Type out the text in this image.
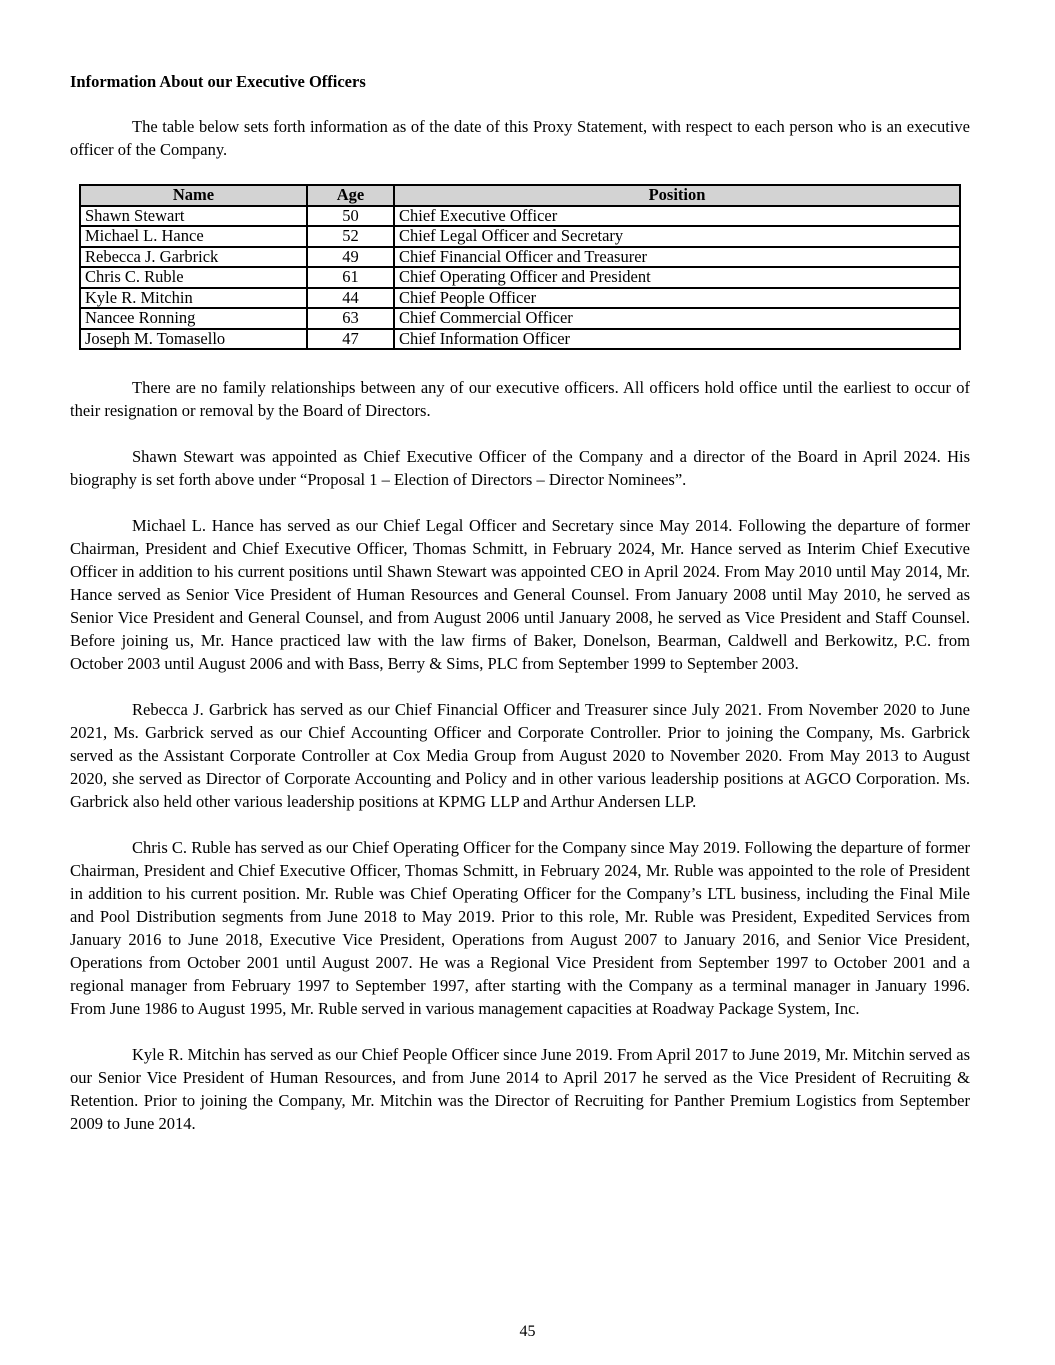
Information About our Executive Officers

The table below sets forth information as of the date of this Proxy Statement, with respect to each person who is an executive officer of the Company.

Name	Age	Position
Shawn Stewart	50	Chief Executive Officer
Michael L. Hance	52	Chief Legal Officer and Secretary
Rebecca J. Garbrick	49	Chief Financial Officer and Treasurer
Chris C. Ruble	61	Chief Operating Officer and President
Kyle R. Mitchin	44	Chief People Officer
Nancee Ronning	63	Chief Commercial Officer
Joseph M. Tomasello	47	Chief Information Officer

There are no family relationships between any of our executive officers. All officers hold office until the earliest to occur of their resignation or removal by the Board of Directors.

Shawn Stewart was appointed as Chief Executive Officer of the Company and a director of the Board in April 2024. His biography is set forth above under “Proposal 1 – Election of Directors – Director Nominees”.

Michael L. Hance has served as our Chief Legal Officer and Secretary since May 2014. Following the departure of former Chairman, President and Chief Executive Officer, Thomas Schmitt, in February 2024, Mr. Hance served as Interim Chief Executive Officer in addition to his current positions until Shawn Stewart was appointed CEO in April 2024. From May 2010 until May 2014, Mr. Hance served as Senior Vice President of Human Resources and General Counsel. From January 2008 until May 2010, he served as Senior Vice President and General Counsel, and from August 2006 until January 2008, he served as Vice President and Staff Counsel. Before joining us, Mr. Hance practiced law with the law firms of Baker, Donelson, Bearman, Caldwell and Berkowitz, P.C. from October 2003 until August 2006 and with Bass, Berry & Sims, PLC from September 1999 to September 2003.

Rebecca J. Garbrick has served as our Chief Financial Officer and Treasurer since July 2021. From November 2020 to June 2021, Ms. Garbrick served as our Chief Accounting Officer and Corporate Controller. Prior to joining the Company, Ms. Garbrick served as the Assistant Corporate Controller at Cox Media Group from August 2020 to November 2020. From May 2013 to August 2020, she served as Director of Corporate Accounting and Policy and in other various leadership positions at AGCO Corporation. Ms. Garbrick also held other various leadership positions at KPMG LLP and Arthur Andersen LLP.

Chris C. Ruble has served as our Chief Operating Officer for the Company since May 2019. Following the departure of former Chairman, President and Chief Executive Officer, Thomas Schmitt, in February 2024, Mr. Ruble was appointed to the role of President in addition to his current position. Mr. Ruble was Chief Operating Officer for the Company’s LTL business, including the Final Mile and Pool Distribution segments from June 2018 to May 2019. Prior to this role, Mr. Ruble was President, Expedited Services from January 2016 to June 2018, Executive Vice President, Operations from August 2007 to January 2016, and Senior Vice President, Operations from October 2001 until August 2007. He was a Regional Vice President from September 1997 to October 2001 and a regional manager from February 1997 to September 1997, after starting with the Company as a terminal manager in January 1996. From June 1986 to August 1995, Mr. Ruble served in various management capacities at Roadway Package System, Inc.

Kyle R. Mitchin has served as our Chief People Officer since June 2019. From April 2017 to June 2019, Mr. Mitchin served as our Senior Vice President of Human Resources, and from June 2014 to April 2017 he served as the Vice President of Recruiting & Retention. Prior to joining the Company, Mr. Mitchin was the Director of Recruiting for Panther Premium Logistics from September 2009 to June 2014.

45
